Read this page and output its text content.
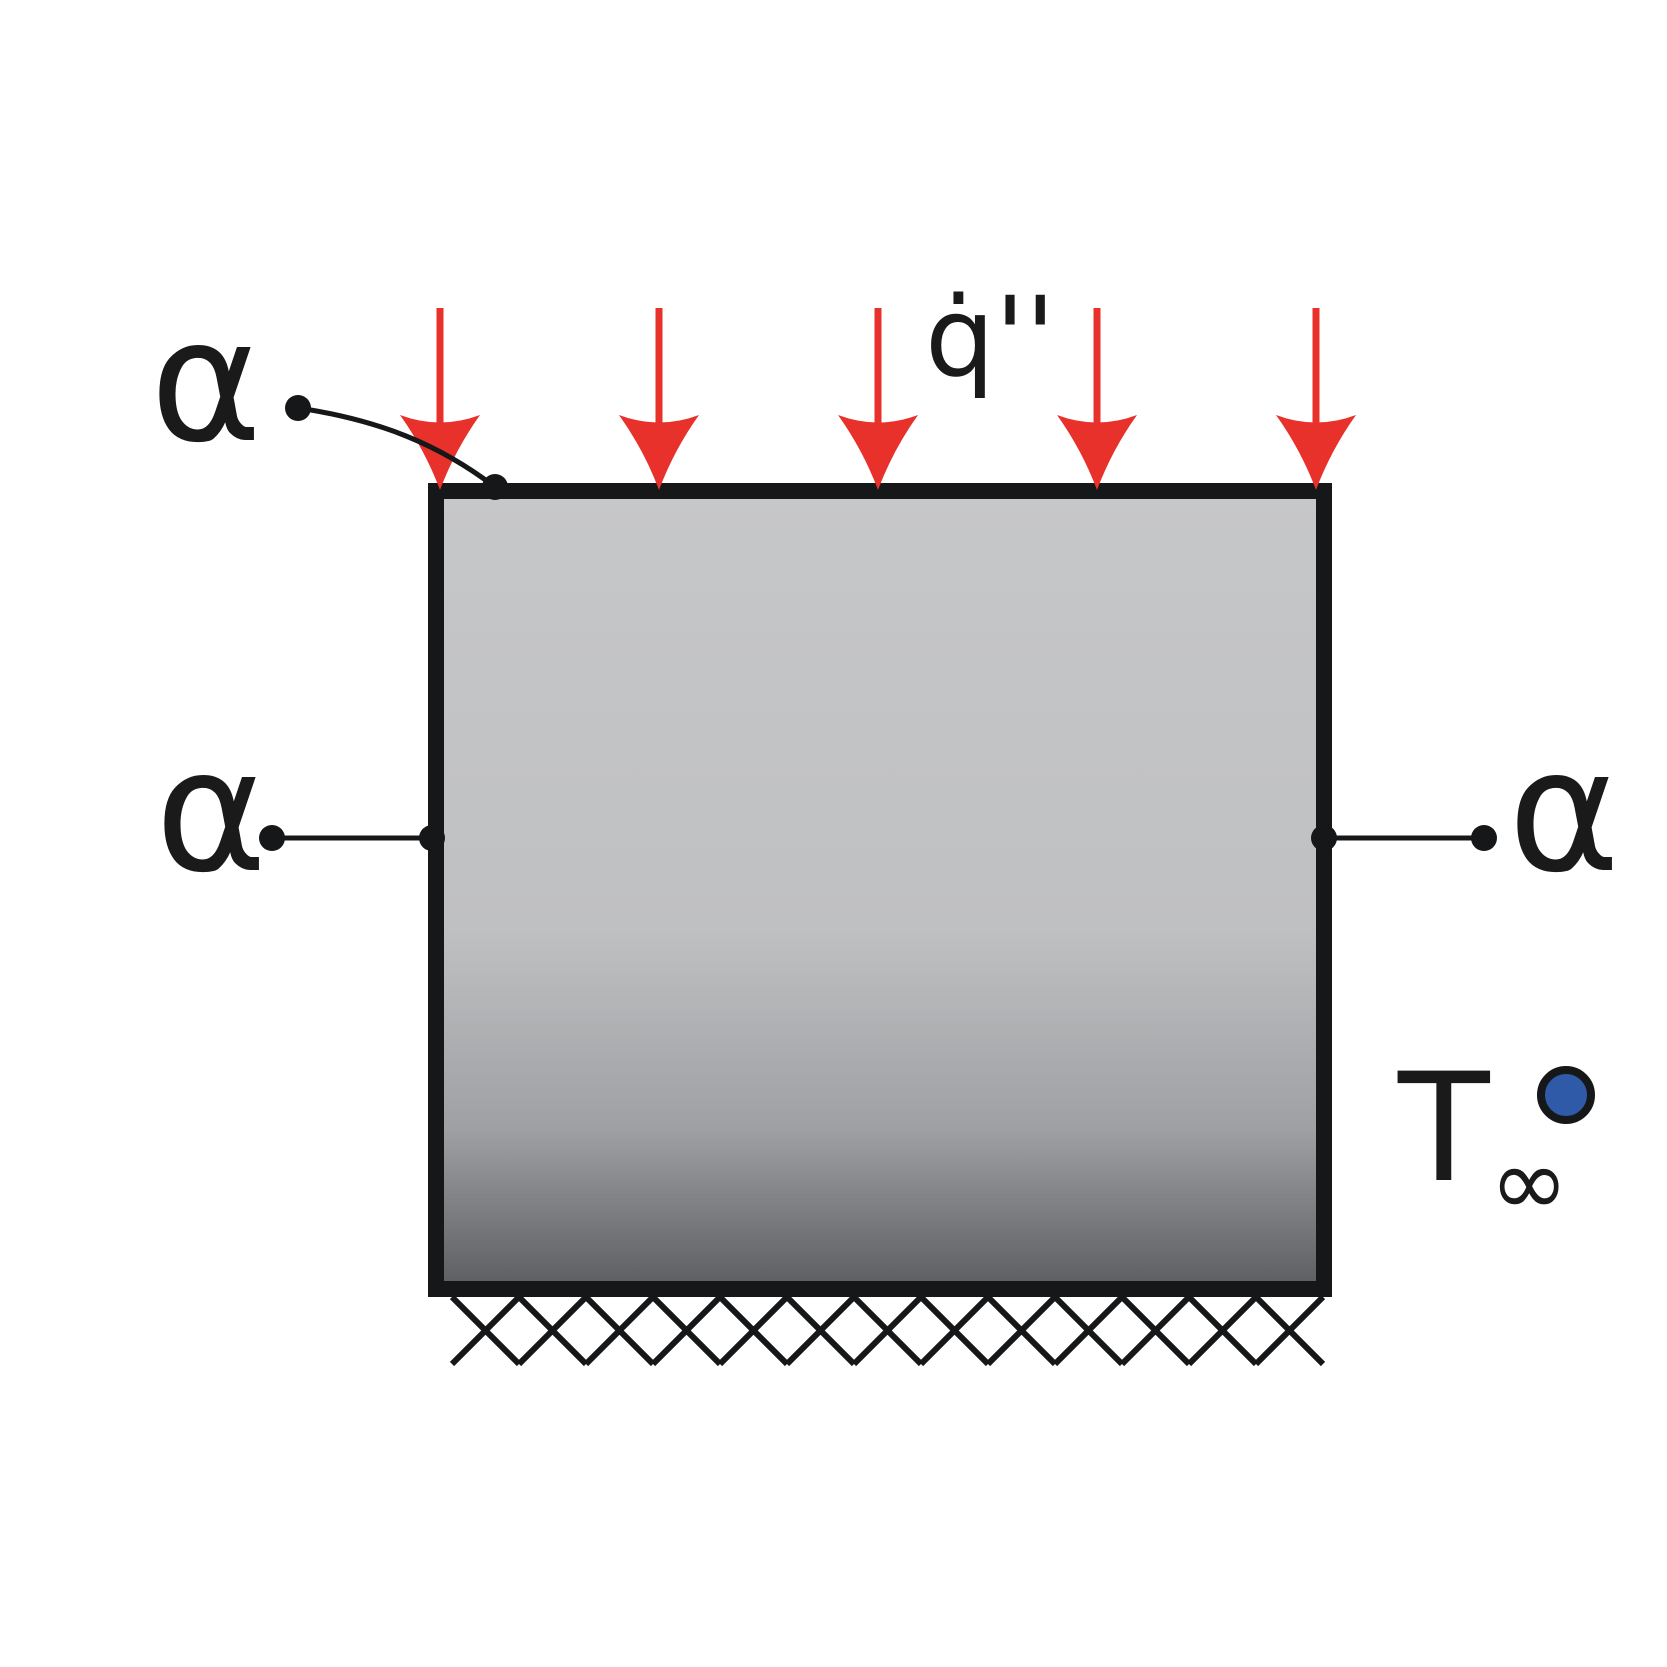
q̇''
α
α	α
$T_\infty$
